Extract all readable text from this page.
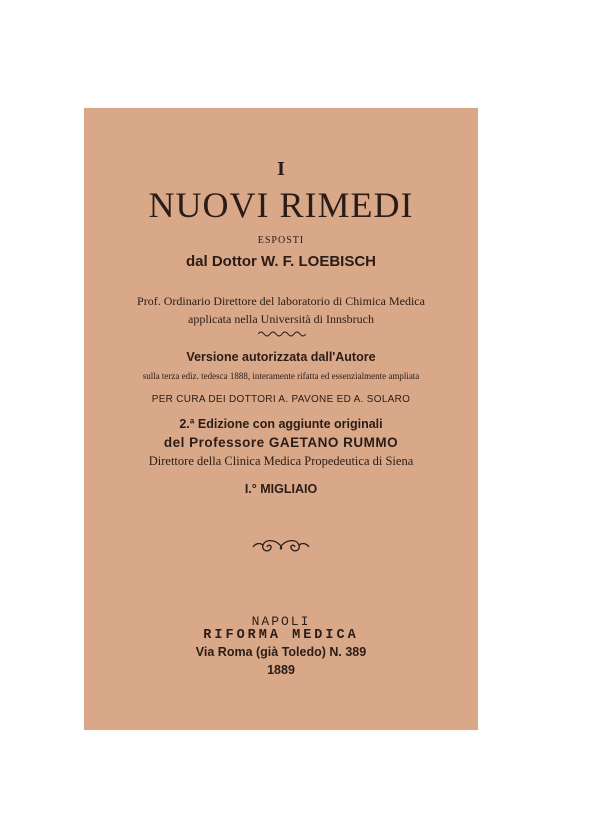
I
NUOVI RIMEDI
ESPOSTI
dal Dottor W. F. LOEBISCH
Prof. Ordinario Direttore del laboratorio di Chimica Medica
applicata nella Università di Innsbruch
Versione autorizzata dall'Autore
sulla terza ediz. tedesca 1888, interamente rifatta ed essenzialmente ampliata
PER CURA DEI DOTTORI A. PAVONE ED A. SOLARO
2.ª Edizione con aggiunte originali
del Professore GAETANO RUMMO
Direttore della Clinica Medica Propedeutica di Siena
I.° MIGLIAIO
NAPOLI
RIFORMA MEDICA
Via Roma (già Toledo) N. 389
1889
